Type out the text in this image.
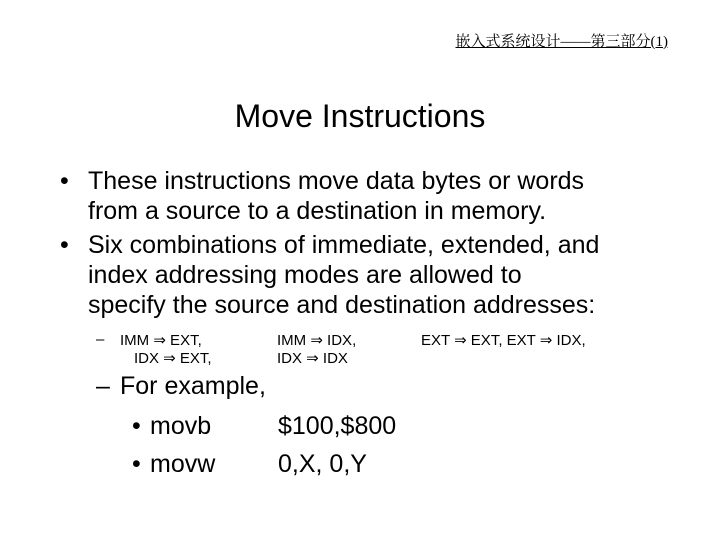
嵌入式系统设计——第三部分(1)
Move Instructions
• These instructions move data bytes or words
from a source to a destination in memory.
• Six combinations of immediate, extended, and
index addressing modes are allowed to
specify the source and destination addresses:
– IMM ⇒ EXT,	IMM ⇒ IDX,	EXT ⇒ EXT, EXT ⇒ IDX,
IDX ⇒ EXT,	IDX ⇒ IDX
– For example,
• movb	$100,$800
• movw	0,X, 0,Y
